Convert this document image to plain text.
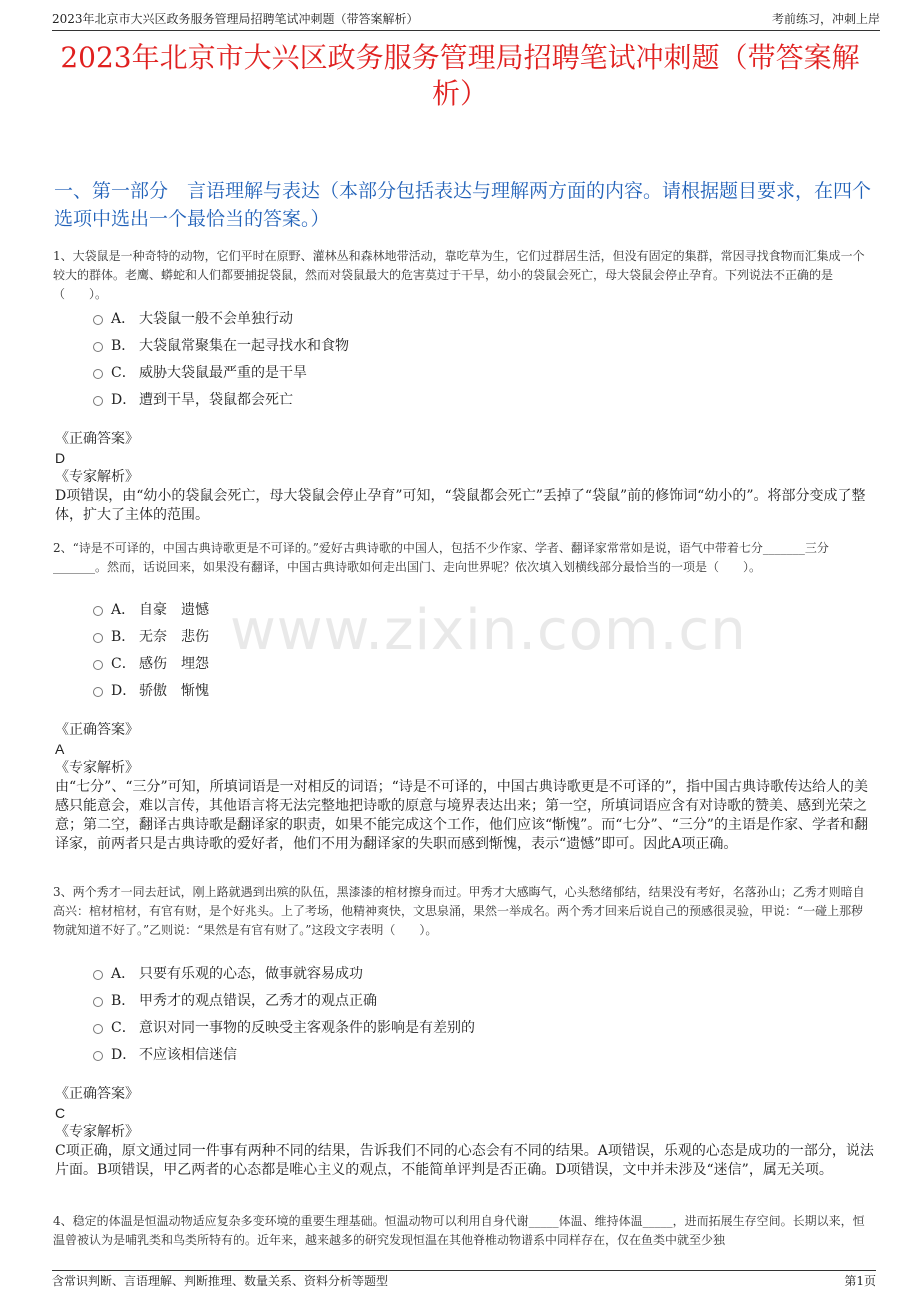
2023年北京市大兴区政务服务管理局招聘笔试冲刺题（带答案解析）	考前练习，冲刺上岸
2023年北京市大兴区政务服务管理局招聘笔试冲刺题（带答案解析）
一、第一部分　言语理解与表达（本部分包括表达与理解两方面的内容。请根据题目要求，在四个选项中选出一个最恰当的答案。）
www.zixin.com.cn
1、大袋鼠是一种奇特的动物，它们平时在原野、灌林丛和森林地带活动，靠吃草为生，它们过群居生活，但没有固定的集群，常因寻找食物而汇集成一个较大的群体。老鹰、蟒蛇和人们都要捕捉袋鼠，然而对袋鼠最大的危害莫过于干旱，幼小的袋鼠会死亡，母大袋鼠会停止孕育。下列说法不正确的是（　　）。
A． 大袋鼠一般不会单独行动
B． 大袋鼠常聚集在一起寻找水和食物
C． 威胁大袋鼠最严重的是干旱
D． 遭到干旱，袋鼠都会死亡
《正确答案》
D
《专家解析》
D项错误，由“幼小的袋鼠会死亡，母大袋鼠会停止孕育”可知，“袋鼠都会死亡”丢掉了“袋鼠”前的修饰词“幼小的”。将部分变成了整体，扩大了主体的范围。
2、“诗是不可译的，中国古典诗歌更是不可译的。”爱好古典诗歌的中国人，包括不少作家、学者、翻译家常常如是说，语气中带着七分_______三分_______。然而，话说回来，如果没有翻译，中国古典诗歌如何走出国门、走向世界呢？依次填入划横线部分最恰当的一项是（　　）。
A． 自豪　遗憾
B． 无奈　悲伤
C． 感伤　埋怨
D． 骄傲　惭愧
《正确答案》
A
《专家解析》
由“七分”、“三分”可知，所填词语是一对相反的词语；“诗是不可译的，中国古典诗歌更是不可译的”，指中国古典诗歌传达给人的美感只能意会，难以言传，其他语言将无法完整地把诗歌的原意与境界表达出来；第一空，所填词语应含有对诗歌的赞美、感到光荣之意；第二空，翻译古典诗歌是翻译家的职责，如果不能完成这个工作，他们应该“惭愧”。而“七分”、“三分”的主语是作家、学者和翻译家，前两者只是古典诗歌的爱好者，他们不用为翻译家的失职而感到惭愧，表示“遗憾”即可。因此A项正确。
3、两个秀才一同去赶试，刚上路就遇到出殡的队伍，黑漆漆的棺材擦身而过。甲秀才大感晦气，心头愁绪郁结，结果没有考好，名落孙山；乙秀才则暗自高兴：棺材棺材，有官有财，是个好兆头。上了考场，他精神爽快，文思泉涌，果然一举成名。两个秀才回来后说自己的预感很灵验，甲说：“一碰上那秽物就知道不好了。”乙则说：“果然是有官有财了。”这段文字表明（　　）。
A． 只要有乐观的心态，做事就容易成功
B． 甲秀才的观点错误，乙秀才的观点正确
C． 意识对同一事物的反映受主客观条件的影响是有差别的
D． 不应该相信迷信
《正确答案》
C
《专家解析》
C项正确，原文通过同一件事有两种不同的结果，告诉我们不同的心态会有不同的结果。A项错误，乐观的心态是成功的一部分，说法片面。B项错误，甲乙两者的心态都是唯心主义的观点，不能简单评判是否正确。D项错误，文中并未涉及“迷信”，属无关项。
4、稳定的体温是恒温动物适应复杂多变环境的重要生理基础。恒温动物可以利用自身代谢_____体温、维持体温_____，进而拓展生存空间。长期以来，恒温曾被认为是哺乳类和鸟类所特有的。近年来，越来越多的研究发现恒温在其他脊椎动物谱系中同样存在，仅在鱼类中就至少独
含常识判断、言语理解、判断推理、数量关系、资料分析等题型	第1页
